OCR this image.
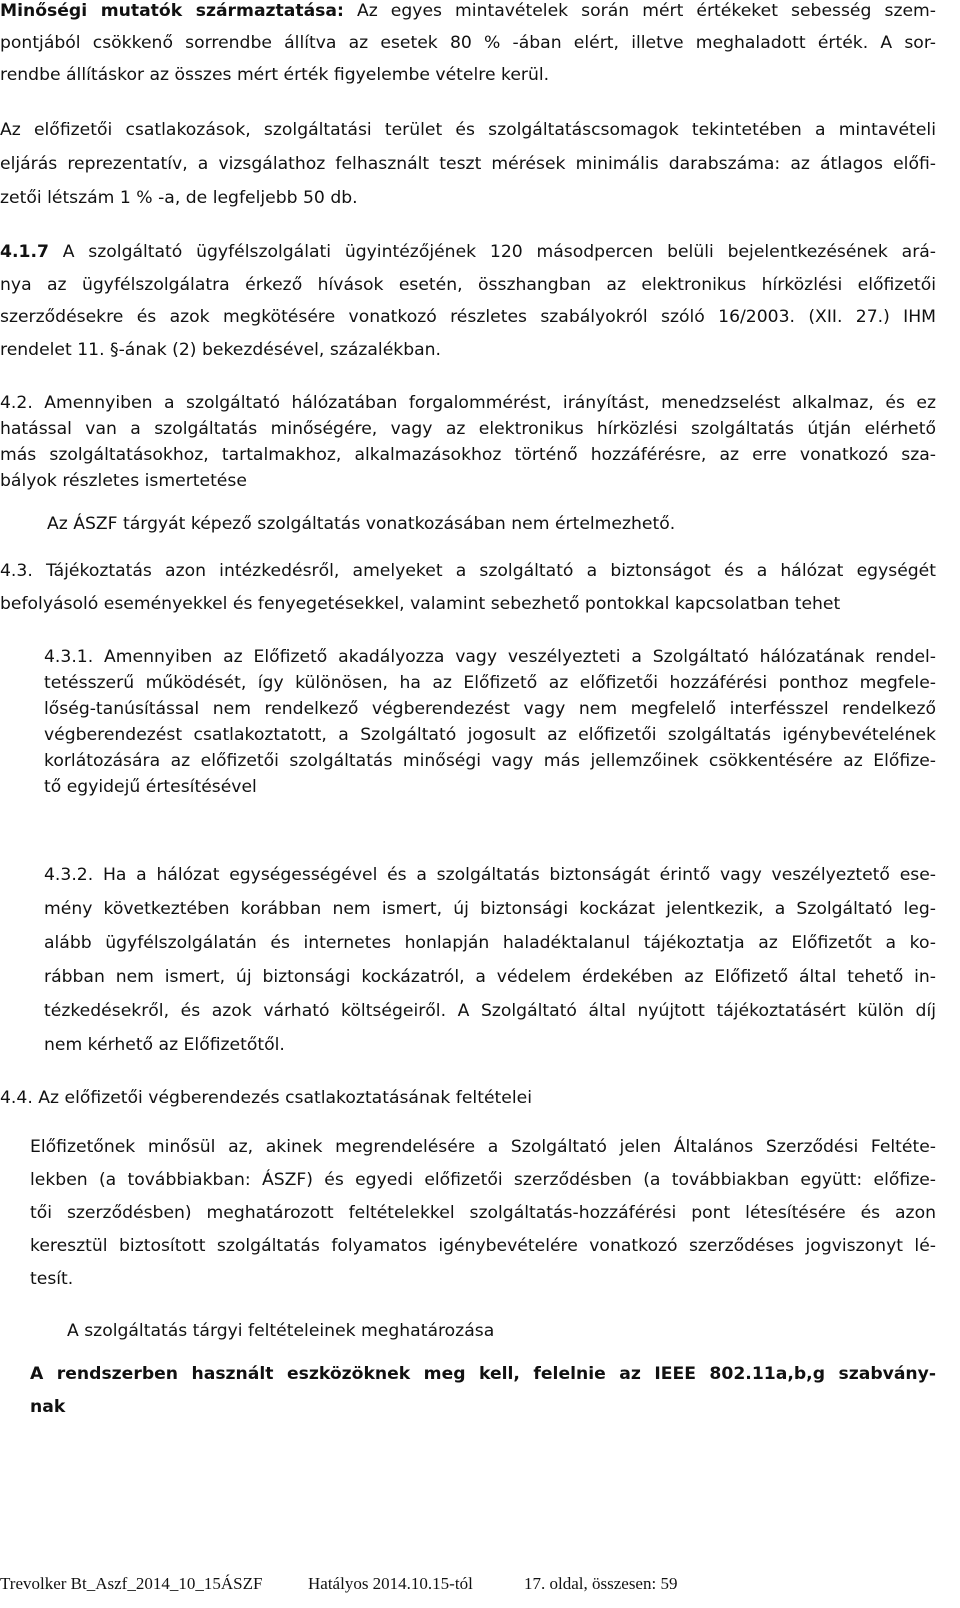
Minőségi mutatók származtatása: Az egyes mintavételek során mért értékeket sebesség szem-
pontjából csökkenő sorrendbe állítva az esetek 80 % -ában elért, illetve meghaladott érték. A sor-
rendbe állításkor az összes mért érték figyelembe vételre kerül.
Az előfizetői csatlakozások, szolgáltatási terület és szolgáltatáscsomagok tekintetében a mintavételi
eljárás reprezentatív, a vizsgálathoz felhasznált teszt mérések minimális darabszáma: az átlagos előfi-
zetői létszám 1 % -a, de legfeljebb 50 db.
4.1.7 A szolgáltató ügyfélszolgálati ügyintézőjének 120 másodpercen belüli bejelentkezésének ará-
nya az ügyfélszolgálatra érkező hívások esetén, összhangban az elektronikus hírközlési előfizetői
szerződésekre és azok megkötésére vonatkozó részletes szabályokról szóló 16/2003. (XII. 27.) IHM
rendelet 11. §-ának (2) bekezdésével, százalékban.
4.2. Amennyiben a szolgáltató hálózatában forgalommérést, irányítást, menedzselést alkalmaz, és ez
hatással van a szolgáltatás minőségére, vagy az elektronikus hírközlési szolgáltatás útján elérhető
más szolgáltatásokhoz, tartalmakhoz, alkalmazásokhoz történő hozzáférésre, az erre vonatkozó sza-
bályok részletes ismertetése
Az ÁSZF tárgyát képező szolgáltatás vonatkozásában nem értelmezhető.
4.3. Tájékoztatás azon intézkedésről, amelyeket a szolgáltató a biztonságot és a hálózat egységét
befolyásoló eseményekkel és fenyegetésekkel, valamint sebezhető pontokkal kapcsolatban tehet
4.3.1. Amennyiben az Előfizető akadályozza vagy veszélyezteti a Szolgáltató hálózatának rendel-
tetésszerű működését, így különösen, ha az Előfizető az előfizetői hozzáférési ponthoz megfele-
lőség-tanúsítással nem rendelkező végberendezést vagy nem megfelelő interfésszel rendelkező
végberendezést csatlakoztatott, a Szolgáltató jogosult az előfizetői szolgáltatás igénybevételének
korlátozására az előfizetői szolgáltatás minőségi vagy más jellemzőinek csökkentésére az Előfize-
tő egyidejű értesítésével
4.3.2. Ha a hálózat egységességével és a szolgáltatás biztonságát érintő vagy veszélyeztető ese-
mény következtében korábban nem ismert, új biztonsági kockázat jelentkezik, a Szolgáltató leg-
alább ügyfélszolgálatán és internetes honlapján haladéktalanul tájékoztatja az Előfizetőt a ko-
rábban nem ismert, új biztonsági kockázatról, a védelem érdekében az Előfizető által tehető in-
tézkedésekről, és azok várható költségeiről. A Szolgáltató által nyújtott tájékoztatásért külön díj
nem kérhető az Előfizetőtől.
4.4. Az előfizetői végberendezés csatlakoztatásának feltételei
Előfizetőnek minősül az, akinek megrendelésére a Szolgáltató jelen Általános Szerződési Feltéte-
lekben (a továbbiakban: ÁSZF) és egyedi előfizetői szerződésben (a továbbiakban együtt: előfize-
tői szerződésben) meghatározott feltételekkel szolgáltatás-hozzáférési pont létesítésére és azon
keresztül biztosított szolgáltatás folyamatos igénybevételére vonatkozó szerződéses jogviszonyt lé-
tesít.
A szolgáltatás tárgyi feltételeinek meghatározása
A rendszerben használt eszközöknek meg kell, felelnie az IEEE 802.11a,b,g szabvány-
nak
Trevolker Bt_Aszf_2014_10_15ÁSZF	Hatályos 2014.10.15-tól	17. oldal, összesen: 59
